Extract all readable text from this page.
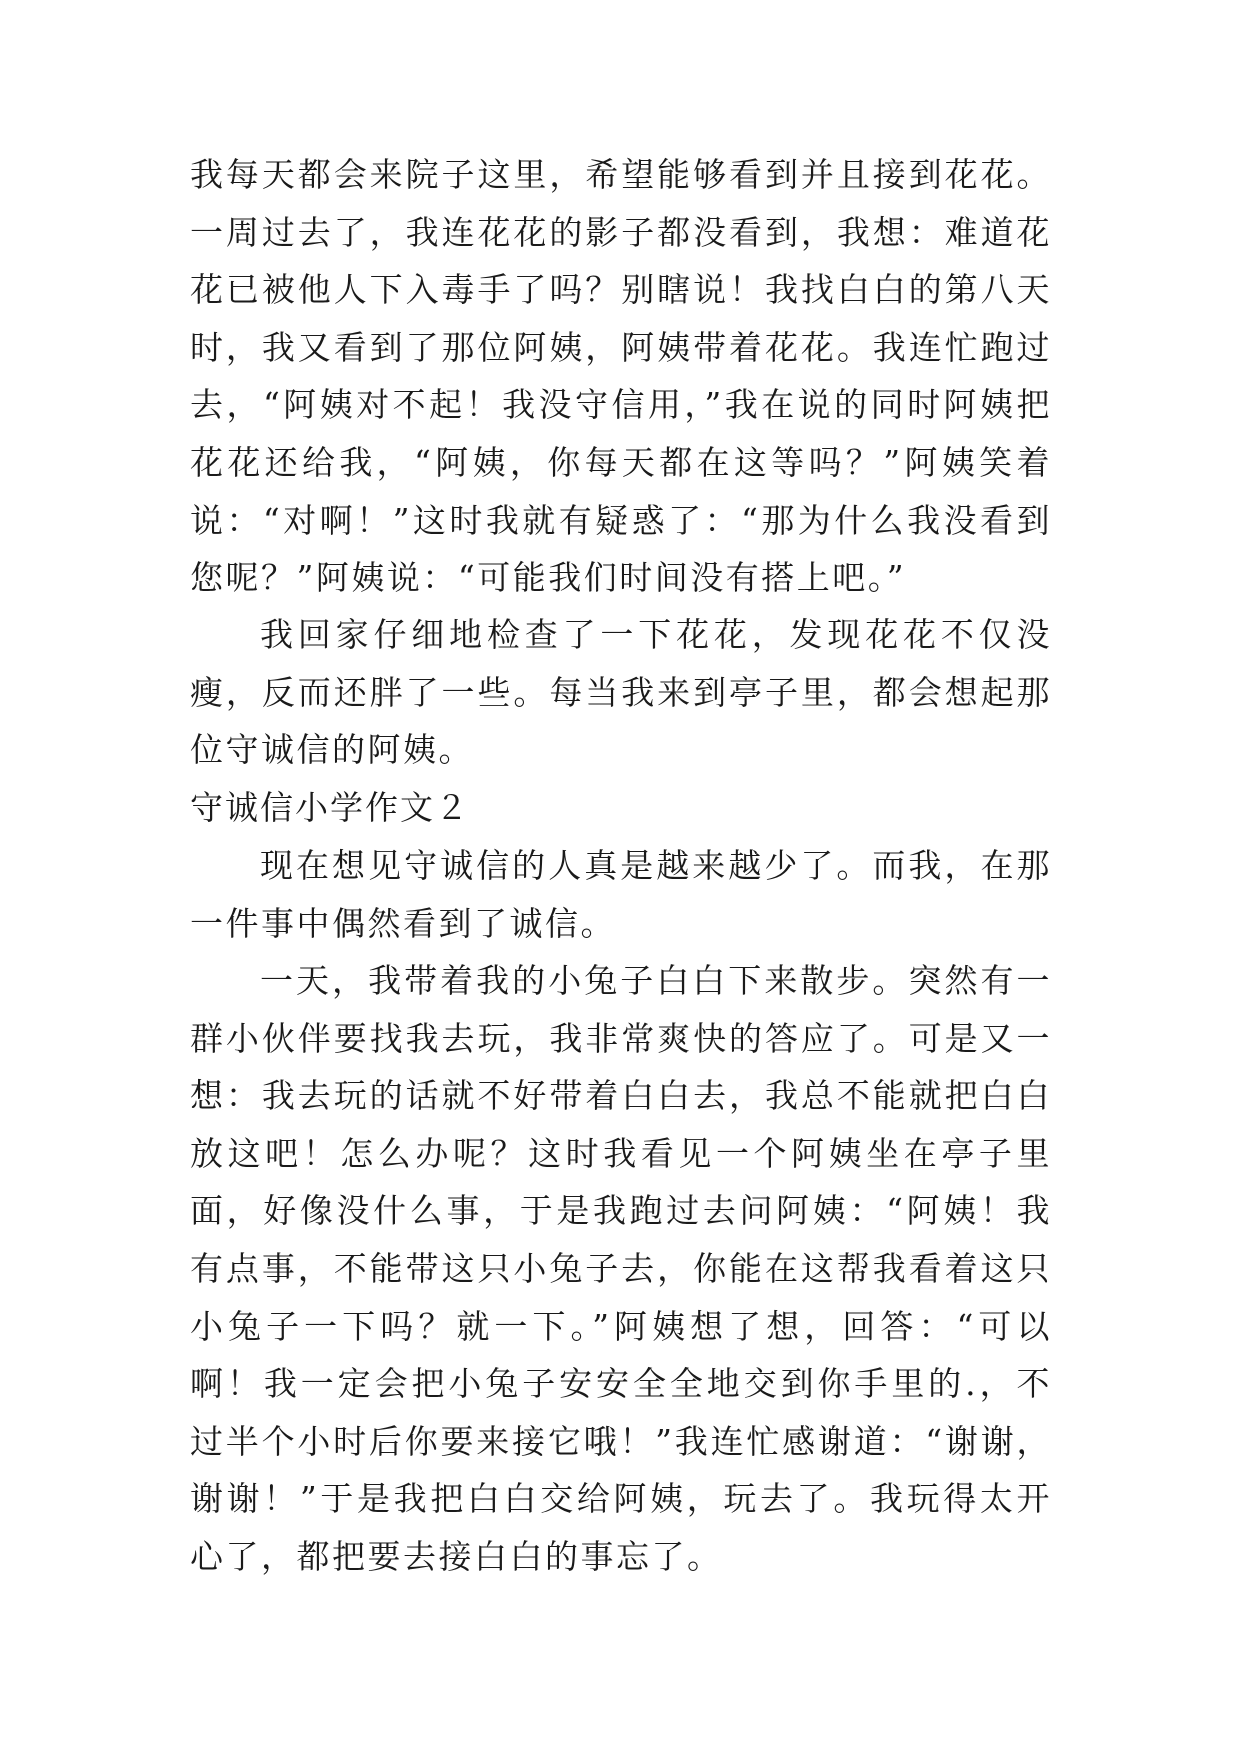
我每天都会来院子这里，希望能够看到并且接到花花。一周过去了，我连花花的影子都没看到，我想：难道花花已被他人下入毒手了吗？别瞎说！我找白白的第八天时，我又看到了那位阿姨，阿姨带着花花。我连忙跑过去，“阿姨对不起！我没守信用，”我在说的同时阿姨把花花还给我，“阿姨，你每天都在这等吗？”阿姨笑着说：“对啊！”这时我就有疑惑了：“那为什么我没看到您呢？”阿姨说：“可能我们时间没有搭上吧。”

我回家仔细地检查了一下花花，发现花花不仅没瘦，反而还胖了一些。每当我来到亭子里，都会想起那位守诚信的阿姨。

守诚信小学作文２

现在想见守诚信的人真是越来越少了。而我，在那一件事中偶然看到了诚信。

一天，我带着我的小兔子白白下来散步。突然有一群小伙伴要找我去玩，我非常爽快的答应了。可是又一想：我去玩的话就不好带着白白去，我总不能就把白白放这吧！怎么办呢？这时我看见一个阿姨坐在亭子里面，好像没什么事，于是我跑过去问阿姨：“阿姨！我有点事，不能带这只小兔子去，你能在这帮我看着这只小兔子一下吗？就一下。”阿姨想了想，回答：“可以啊！我一定会把小兔子安安全全地交到你手里的.，不过半个小时后你要来接它哦！”我连忙感谢道：“谢谢，谢谢！”于是我把白白交给阿姨，玩去了。我玩得太开心了，都把要去接白白的事忘了。
